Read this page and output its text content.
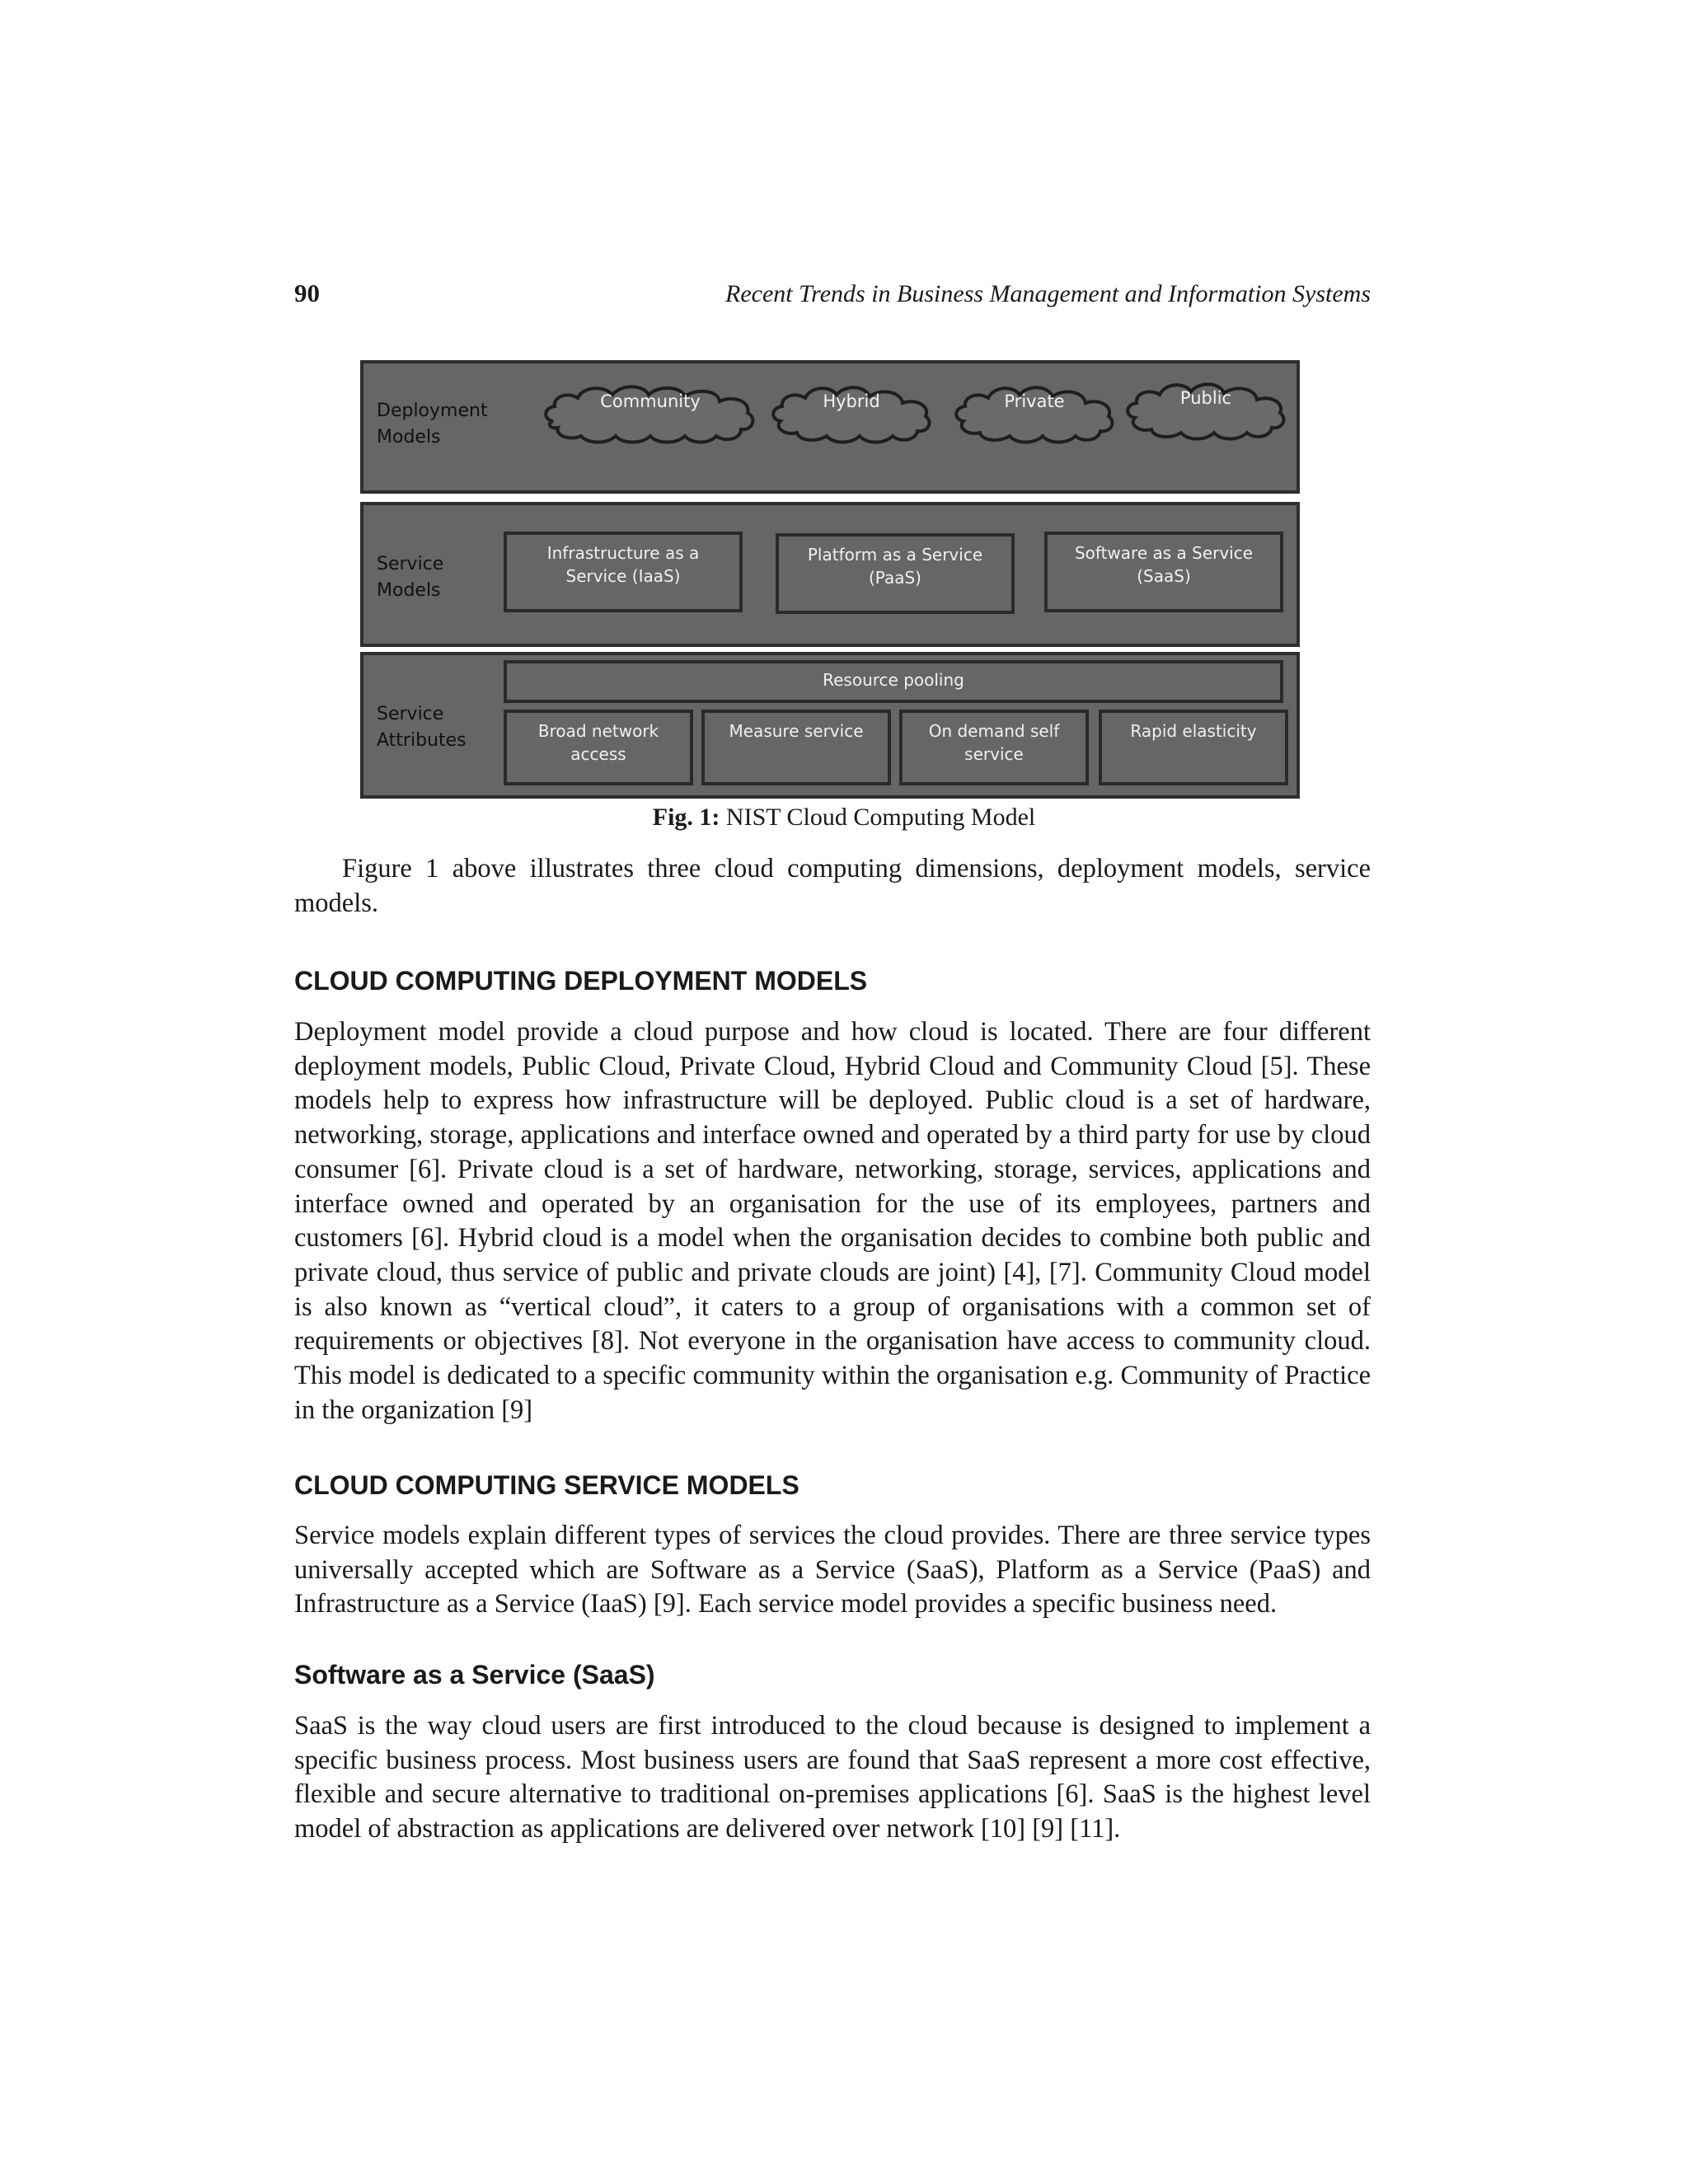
90	Recent Trends in Business Management and Information Systems
Deployment
Models
Community	Hybrid	Private	Public
Service
Models
Infrastructure as a
Service (IaaS)
Platform as a Service
(PaaS)
Software as a Service
(SaaS)
Service
Attributes
Resource pooling
Broad network
access
Measure service	On demand self
service
Rapid elasticity
Fig. 1: NIST Cloud Computing Model

Figure 1 above illustrates three cloud computing dimensions, deployment models, service models.

CLOUD COMPUTING DEPLOYMENT MODELS

Deployment model provide a cloud purpose and how cloud is located. There are four different deployment models, Public Cloud, Private Cloud, Hybrid Cloud and Community Cloud [5]. These models help to express how infrastructure will be deployed. Public cloud is a set of hardware, networking, storage, applications and interface owned and operated by a third party for use by cloud consumer [6]. Private cloud is a set of hardware, networking, storage, services, applications and interface owned and operated by an organisation for the use of its employees, partners and customers [6]. Hybrid cloud is a model when the organisation decides to combine both public and private cloud, thus service of public and private clouds are joint) [4], [7]. Community Cloud model is also known as “vertical cloud”, it caters to a group of organisations with a common set of requirements or objectives [8]. Not everyone in the organisation have access to community cloud. This model is dedicated to a specific community within the organisation e.g. Community of Practice in the organization [9]

CLOUD COMPUTING SERVICE MODELS

Service models explain different types of services the cloud provides. There are three service types universally accepted which are Software as a Service (SaaS), Platform as a Service (PaaS) and Infrastructure as a Service (IaaS) [9]. Each service model provides a specific business need.

Software as a Service (SaaS)

SaaS is the way cloud users are first introduced to the cloud because is designed to implement a specific business process. Most business users are found that SaaS represent a more cost effective, flexible and secure alternative to traditional on-premises applications [6]. SaaS is the highest level model of abstraction as applications are delivered over network [10] [9] [11].
